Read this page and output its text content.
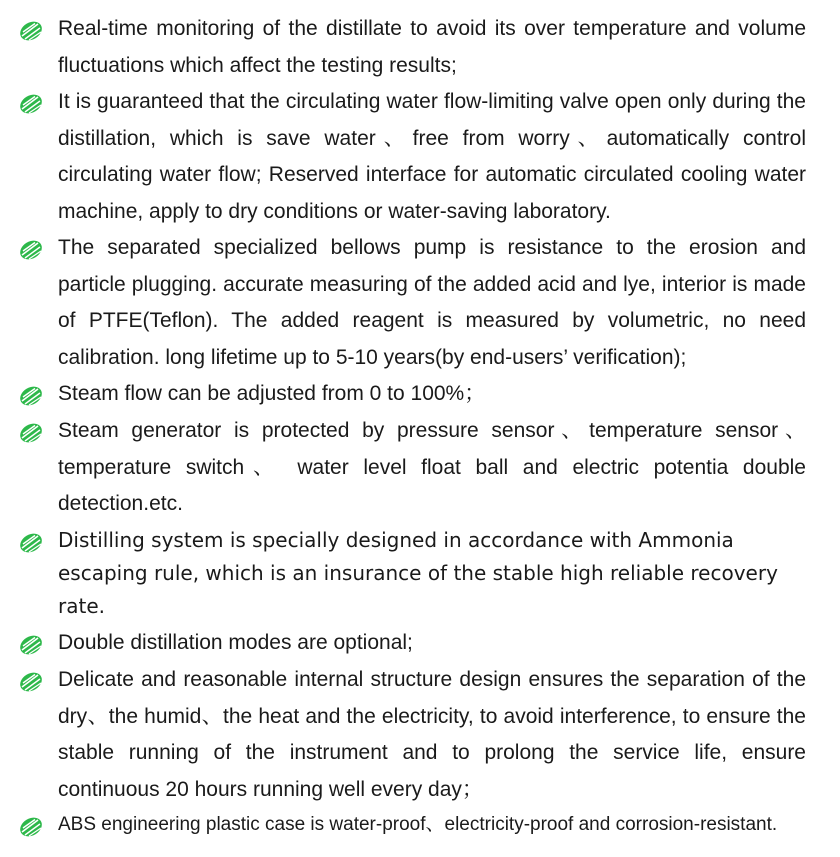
Real-time monitoring of the distillate to avoid its over temperature and volume fluctuations which affect the testing results;
It is guaranteed that the circulating water flow-limiting valve open only during the distillation, which is save water、free from worry、automatically control circulating water flow; Reserved interface for automatic circulated cooling water machine, apply to dry conditions or water-saving laboratory.
The separated specialized bellows pump is resistance to the erosion and particle plugging. accurate measuring of the added acid and lye, interior is made of PTFE(Teflon). The added reagent is measured by volumetric, no need calibration. long lifetime up to 5-10 years(by end-users’ verification);
Steam flow can be adjusted from 0 to 100%；
Steam generator is protected by pressure sensor、temperature sensor、temperature switch、 water level float ball and electric potentia double detection.etc.
Distilling system is specially designed in accordance with Ammonia escaping rule, which is an insurance of the stable high reliable recovery rate.
Double distillation modes are optional;
Delicate and reasonable internal structure design ensures the separation of the dry、the humid、the heat and the electricity, to avoid interference, to ensure the stable running of the instrument and to prolong the service life, ensure continuous 20 hours running well every day；
ABS engineering plastic case is water-proof、electricity-proof and corrosion-resistant.
